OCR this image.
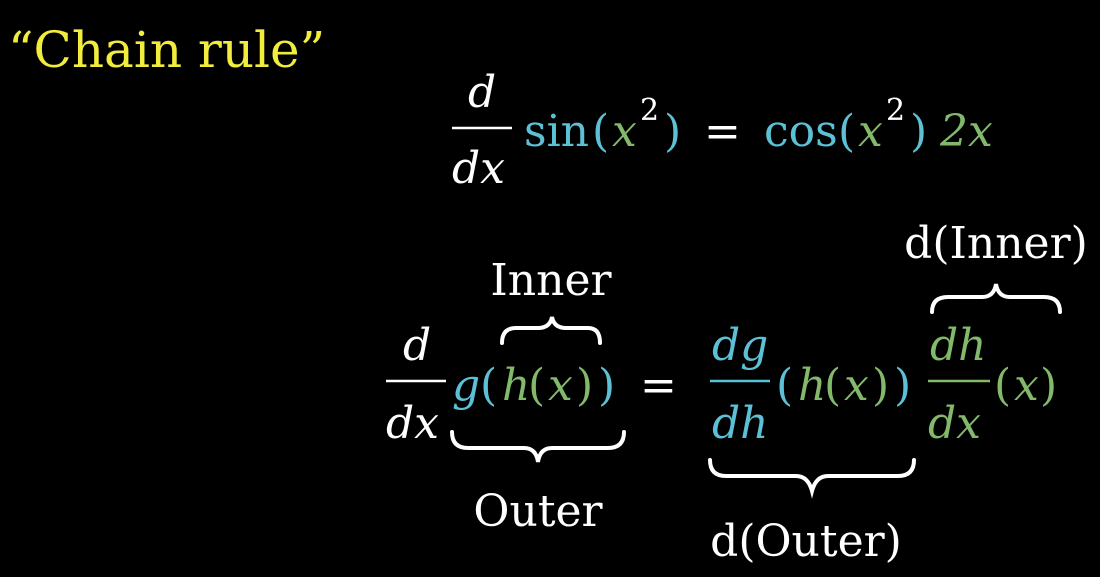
“Chain rule”
d
dx
sin ( x 2 ) = cos ( x 2 ) 2x
d
dx
g ( h
( x ) ) =
dg
dh
( h
( x ) )
dh
dx
( x )
Inner
Outer
d(Inner)
d(Outer)
